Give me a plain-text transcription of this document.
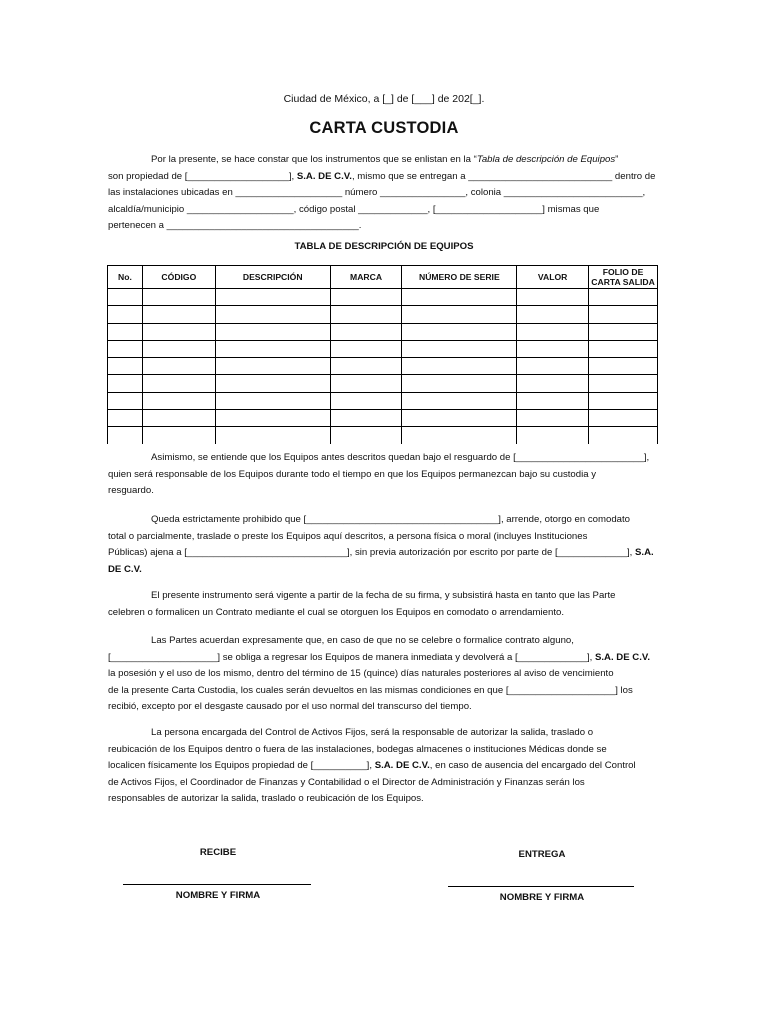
Ciudad de México, a [_] de [___] de 202[_].
CARTA CUSTODIA
Por la presente, se hace constar que los instrumentos que se enlistan en la “Tabla de descripción de Equipos”
son propiedad de [___________________], S.A. DE C.V., mismo que se entregan a ___________________________ dentro de
las instalaciones ubicadas en ____________________ número ________________, colonia __________________________,
alcaldía/municipio ____________________, código postal _____________, [____________________] mismas que
pertenecen a ____________________________________.
TABLA DE DESCRIPCIÓN DE EQUIPOS
No.	CÓDIGO	DESCRIPCIÓN	MARCA	NÚMERO DE SERIE	VALOR	FOLIO DE CARTA SALIDA

Asimismo, se entiende que los Equipos antes descritos quedan bajo el resguardo de [________________________],
quien será responsable de los Equipos durante todo el tiempo en que los Equipos permanezcan bajo su custodia y
resguardo.
Queda estrictamente prohibido que [____________________________________], arrende, otorgo en comodato
total o parcialmente, traslade o preste los Equipos aquí descritos, a persona física o moral (incluyes Instituciones
Públicas) ajena a [______________________________], sin previa autorización por escrito por parte de [_____________], S.A.
DE C.V.
El presente instrumento será vigente a partir de la fecha de su firma, y subsistirá hasta en tanto que las Parte
celebren o formalicen un Contrato mediante el cual se otorguen los Equipos en comodato o arrendamiento.
Las Partes acuerdan expresamente que, en caso de que no se celebre o formalice contrato alguno,
[____________________] se obliga a regresar los Equipos de manera inmediata y devolverá a [_____________], S.A. DE C.V.
la posesión y el uso de los mismo, dentro del término de 15 (quince) días naturales posteriores al aviso de vencimiento
de la presente Carta Custodia, los cuales serán devueltos en las mismas condiciones en que [____________________] los
recibió, excepto por el desgaste causado por el uso normal del transcurso del tiempo.
La persona encargada del Control de Activos Fijos, será la responsable de autorizar la salida, traslado o
reubicación de los Equipos dentro o fuera de las instalaciones, bodegas almacenes o instituciones Médicas donde se
localicen físicamente los Equipos propiedad de [__________], S.A. DE C.V., en caso de ausencia del encargado del Control
de Activos Fijos, el Coordinador de Finanzas y Contabilidad o el Director de Administración y Finanzas serán los
responsables de autorizar la salida, traslado o reubicación de los Equipos.
RECIBE	ENTREGA
NOMBRE Y FIRMA	NOMBRE Y FIRMA
